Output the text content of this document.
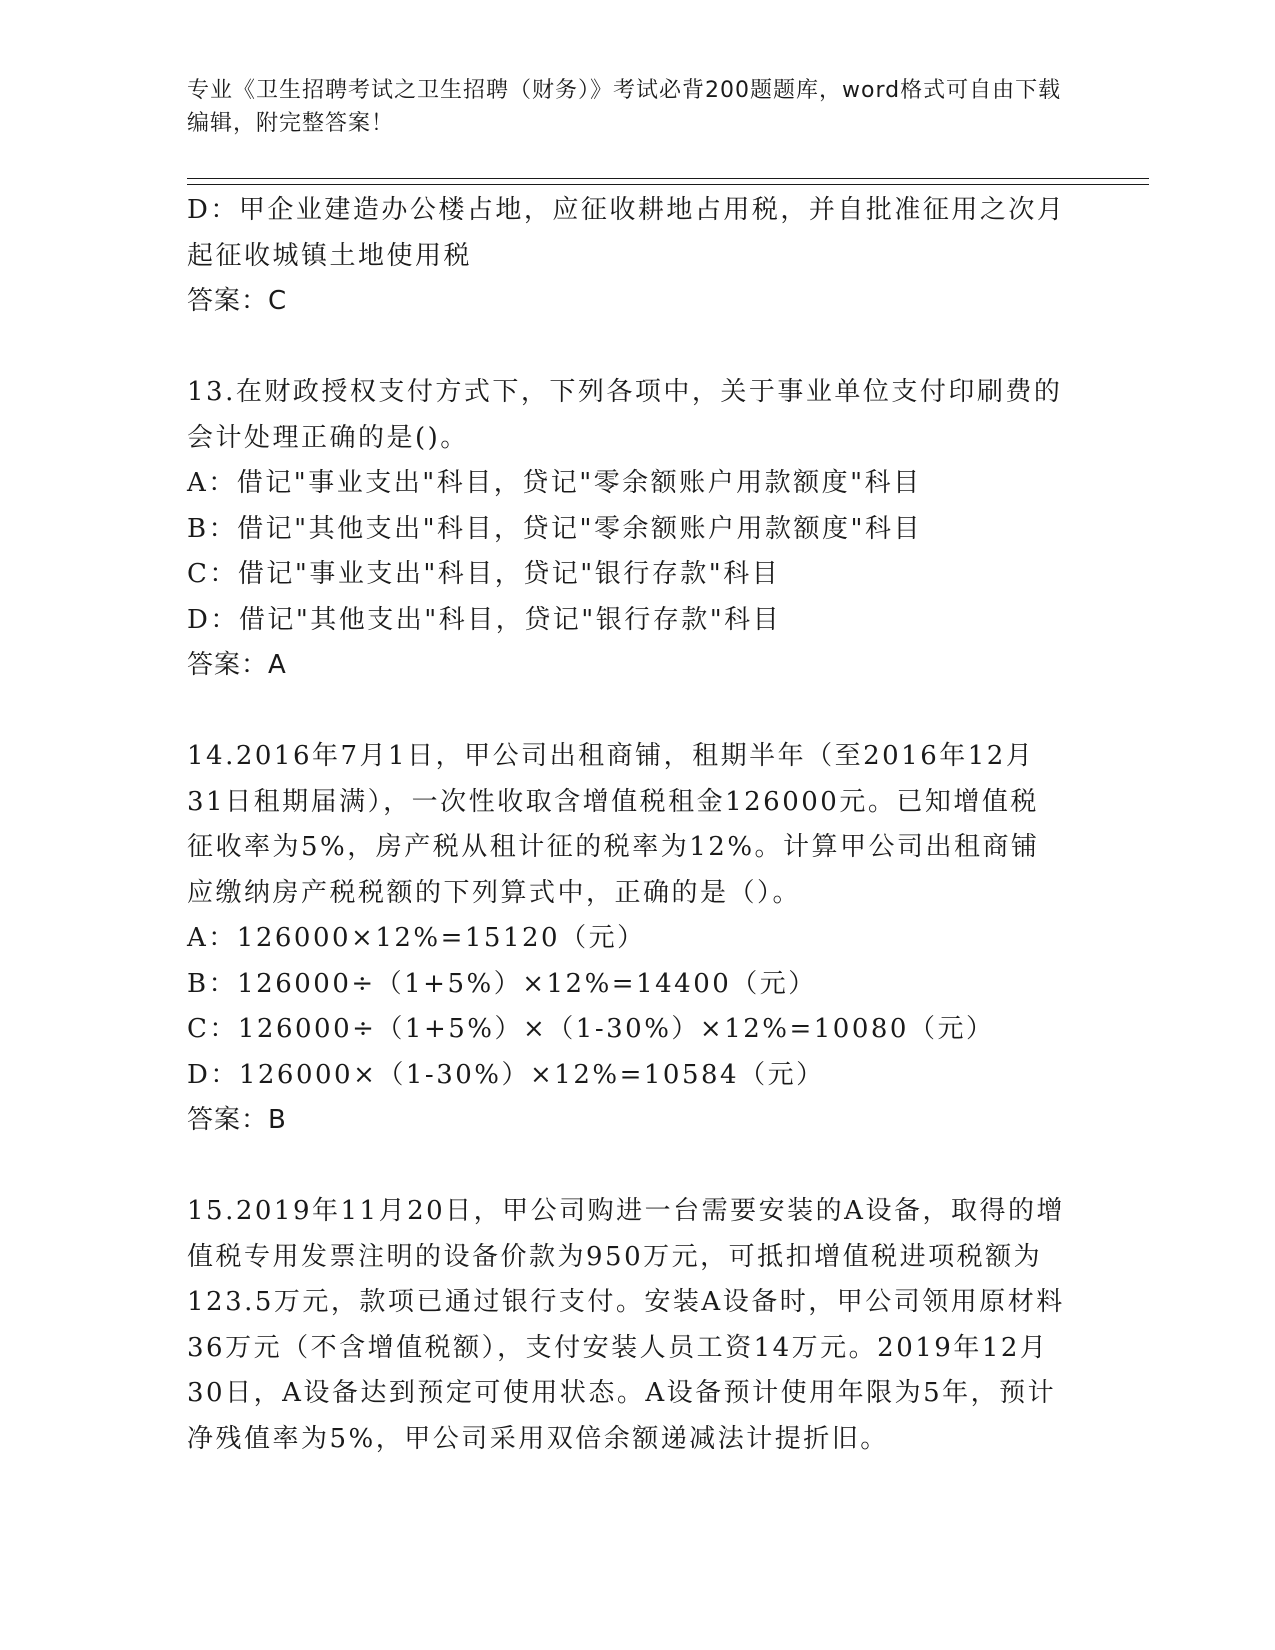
专业《卫生招聘考试之卫生招聘（财务）》考试必背200题题库，word格式可自由下载编辑，附完整答案！

D：甲企业建造办公楼占地，应征收耕地占用税，并自批准征用之次月起征收城镇土地使用税

答案：C

13.在财政授权支付方式下，下列各项中，关于事业单位支付印刷费的会计处理正确的是()。

A：借记"事业支出"科目，贷记"零余额账户用款额度"科目

B：借记"其他支出"科目，贷记"零余额账户用款额度"科目

C：借记"事业支出"科目，贷记"银行存款"科目

D：借记"其他支出"科目，贷记"银行存款"科目

答案：A

14.2016年7月1日，甲公司出租商铺，租期半年（至2016年12月31日租期届满），一次性收取含增值税租金126000元。已知增值税征收率为5%，房产税从租计征的税率为12%。计算甲公司出租商铺应缴纳房产税税额的下列算式中，正确的是（）。

A：126000×12%=15120（元）

B：126000÷（1+5%）×12%=14400（元）

C：126000÷（1+5%）×（1-30%）×12%=10080（元）

D：126000×（1-30%）×12%=10584（元）

答案：B

15.2019年11月20日，甲公司购进一台需要安装的A设备，取得的增值税专用发票注明的设备价款为950万元，可抵扣增值税进项税额为123.5万元，款项已通过银行支付。安装A设备时，甲公司领用原材料36万元（不含增值税额），支付安装人员工资14万元。2019年12月30日，A设备达到预定可使用状态。A设备预计使用年限为5年，预计净残值率为5%，甲公司采用双倍余额递减法计提折旧。
